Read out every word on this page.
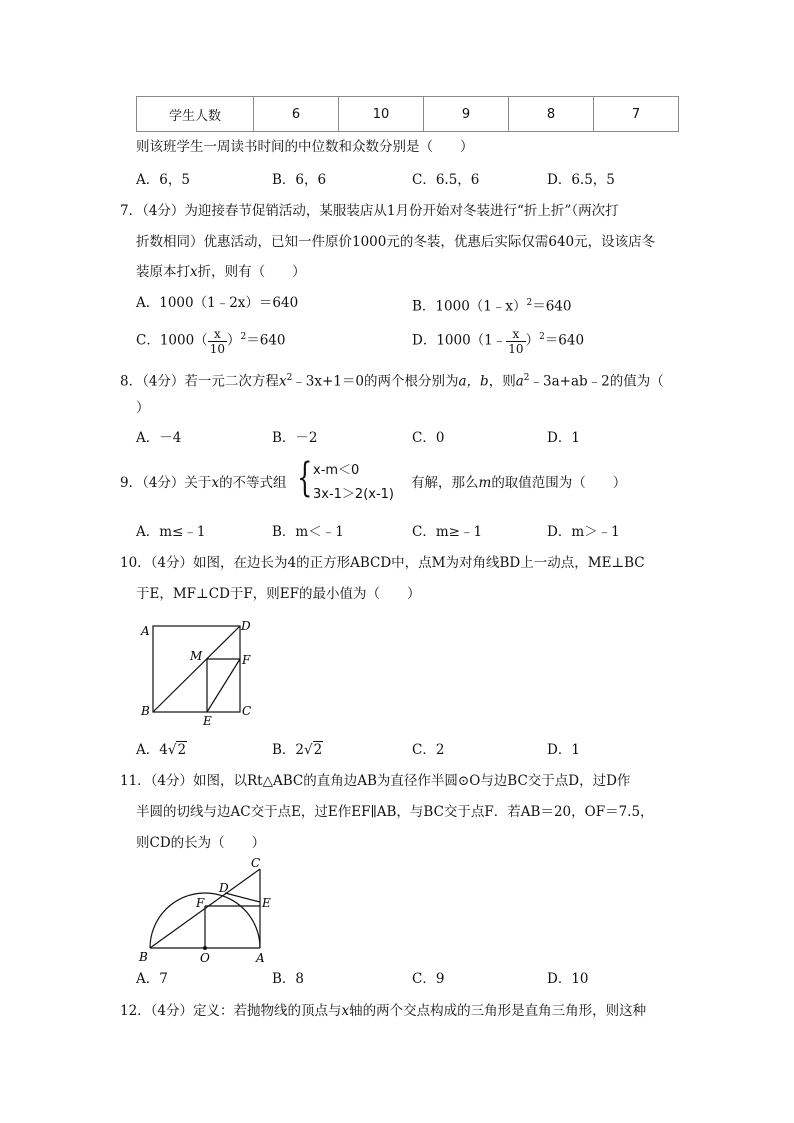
学生人数	6	10	9	8	7
则该班学生一周读书时间的中位数和众数分别是（　　）
A．6，5	B．6，6	C．6.5，6	D．6.5，5
7．（4分）为迎接春节促销活动，某服装店从1月份开始对冬装进行“折上折”（两次打
折数相同）优惠活动，已知一件原价1000元的冬装，优惠后实际仅需640元，设该店冬
装原本打x折，则有（　　）
A．1000（1﹣2x）＝640	B．1000（1﹣x）$^2$＝640
C．$1000( \frac{x}{10} )^2=640$	D．1000（1﹣ $\frac{x}{10} )^2=640$
8．（4分）若一元二次方程$x^2﹣3x+1=0$的两个根分别为a，b，则$a^2﹣3a+ab﹣2$的值为（
）
A．－4	B．－2	C．0	D．1
9．（4分）关于x的不等式组 { x-m＜0
3x-1＞2(x-1)
有解，那么m的取值范围为（　　）
A．m≤﹣1	B．m＜﹣1	C．m≥﹣1	D．m＞﹣1
10．（4分）如图，在边长为4的正方形ABCD中，点M为对角线BD上一动点，ME⊥BC
于E，MF⊥CD于F，则EF的最小值为（　　）
A	D
M	F
B
E
C
A．4√2	B．2√2	C．2	D．1
11．（4分）如图，以Rt△ABC的直角边AB为直径作半圆⊙O与边BC交于点D，过D作
半圆的切线与边AC交于点E，过E作EF∥AB，与BC交于点F．若AB＝20，OF＝7.5，
则CD的长为（　　）
C
D
F	E
B	O	A
A．7	B．8	C．9	D．10
12．（4分）定义：若抛物线的顶点与x轴的两个交点构成的三角形是直角三角形，则这种
